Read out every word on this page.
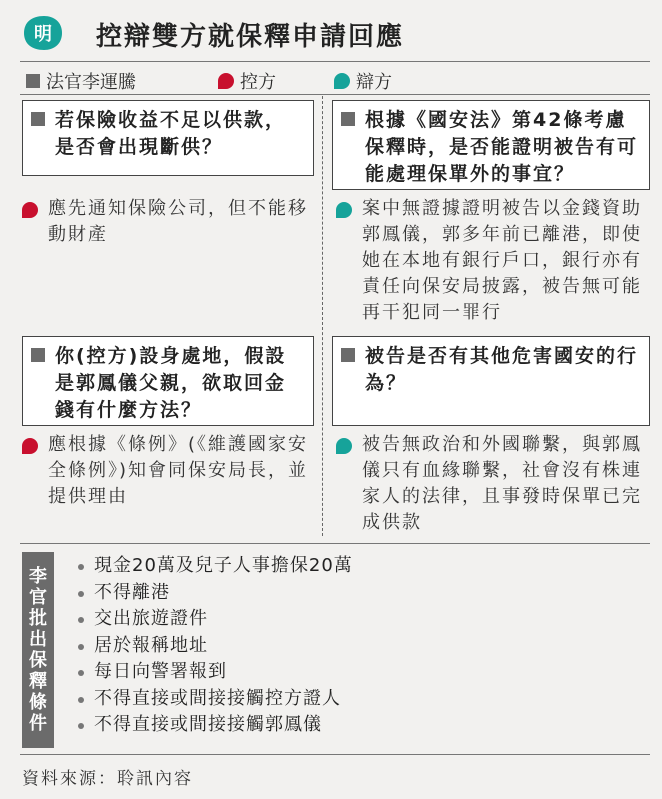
明 控辯雙方就保釋申請回應
法官李運騰	控方	辯方
若保險收益不足以供款，是否會出現斷供？
應先通知保險公司，但不能移動財產
根據《國安法》第42條考慮保釋時，是否能證明被告有可能處理保單外的事宜？
案中無證據證明被告以金錢資助郭鳳儀，郭多年前已離港，即使她在本地有銀行戶口，銀行亦有責任向保安局披露，被告無可能再干犯同一罪行
你(控方)設身處地，假設是郭鳳儀父親，欲取回金錢有什麼方法？
應根據《條例》(《維護國家安全條例》)知會同保安局長，並提供理由
被告是否有其他危害國安的行為？
被告無政治和外國聯繫，與郭鳳儀只有血緣聯繫，社會沒有株連家人的法律，且事發時保單已完成供款
李
官
批
出
保
釋
條
件
現金20萬及兒子人事擔保20萬
不得離港
交出旅遊證件
居於報稱地址
每日向警署報到
不得直接或間接接觸控方證人
不得直接或間接接觸郭鳳儀
資料來源：聆訊內容
